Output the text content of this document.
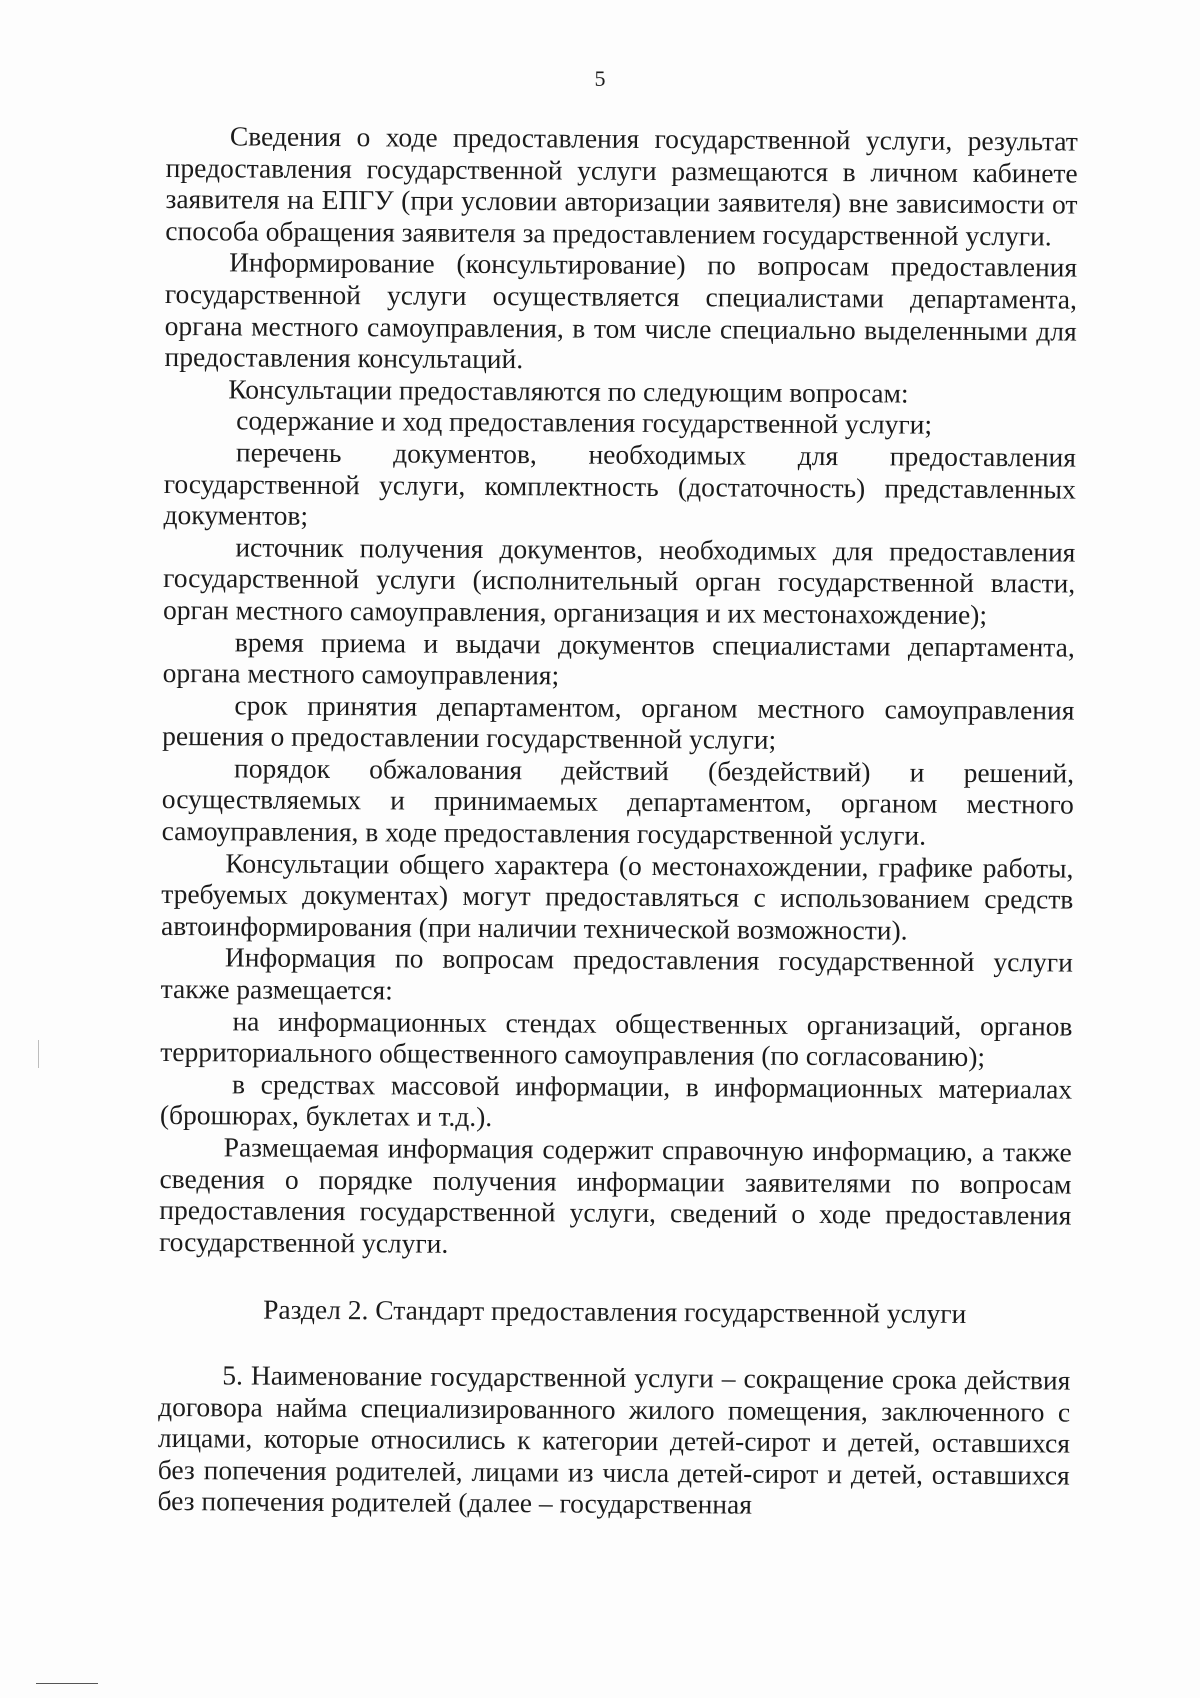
5

Сведения о ходе предоставления государственной услуги, результат предоставления государственной услуги размещаются в личном кабинете заявителя на ЕПГУ (при условии авторизации заявителя) вне зависимости от способа обращения заявителя за предоставлением государственной услуги.

Информирование (консультирование) по вопросам предоставления государственной услуги осуществляется специалистами департамента, органа местного самоуправления, в том числе специально выделенными для предоставления консультаций.

Консультации предоставляются по следующим вопросам:

содержание и ход предоставления государственной услуги;

перечень документов, необходимых для предоставления государственной услуги, комплектность (достаточность) представленных документов;

источник получения документов, необходимых для предоставления государственной услуги (исполнительный орган государственной власти, орган местного самоуправления, организация и их местонахождение);

время приема и выдачи документов специалистами департамента, органа местного самоуправления;

срок принятия департаментом, органом местного самоуправления решения о предоставлении государственной услуги;

порядок обжалования действий (бездействий) и решений, осуществляемых и принимаемых департаментом, органом местного самоуправления, в ходе предоставления государственной услуги.

Консультации общего характера (о местонахождении, графике работы, требуемых документах) могут предоставляться с использованием средств автоинформирования (при наличии технической возможности).

Информация по вопросам предоставления государственной услуги также размещается:

на информационных стендах общественных организаций, органов территориального общественного самоуправления (по согласованию);

в средствах массовой информации, в информационных материалах (брошюрах, буклетах и т.д.).

Размещаемая информация содержит справочную информацию, а также сведения о порядке получения информации заявителями по вопросам предоставления государственной услуги, сведений о ходе предоставления государственной услуги.

Раздел 2. Стандарт предоставления государственной услуги

5. Наименование государственной услуги – сокращение срока действия договора найма специализированного жилого помещения, заключенного с лицами, которые относились к категории детей-сирот и детей, оставшихся без попечения родителей, лицами из числа детей-сирот и детей, оставшихся без попечения родителей (далее – государственная
